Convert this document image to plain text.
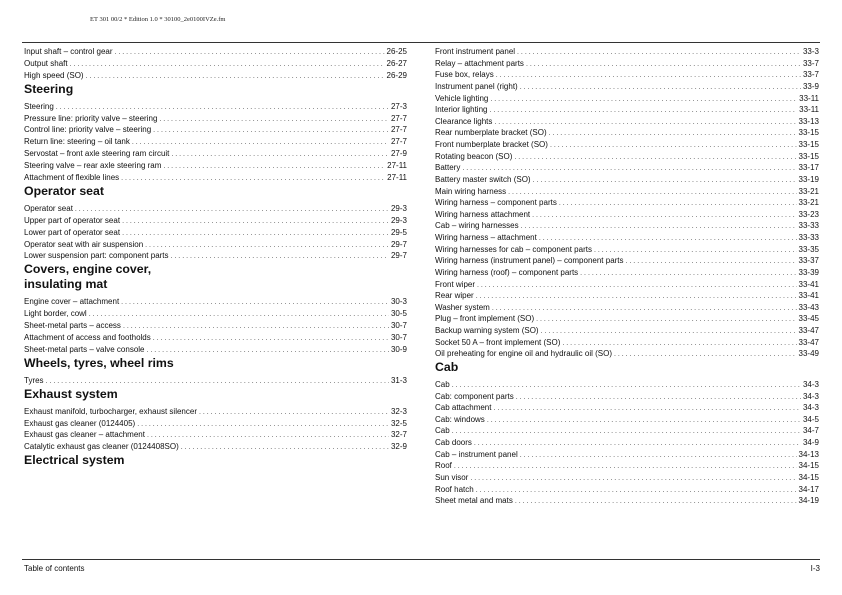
ET 301 00/2 * Edition 1.0 * 30100_2e0100IVZe.fm
Input shaft – control gear . . .	26-25
Output shaft . . .	26-27
High speed (SO) . . .	26-29
Steering
Steering . . .	27-3
Pressure line: priority valve – steering . . .	27-7
Control line: priority valve – steering . . .	27-7
Return line: steering – oil tank . . .	27-7
Servostat – front axle steering ram circuit . . .	27-9
Steering valve – rear axle steering ram . . .	27-11
Attachment of flexible lines . . .	27-11
Operator seat
Operator seat . . .	29-3
Upper part of operator seat . . .	29-3
Lower part of operator seat . . .	29-5
Operator seat with air suspension . . .	29-7
Lower suspension part: component parts . . .	29-7
Covers, engine cover,
insulating mat
Engine cover – attachment . . .	30-3
Light border, cowl . . .	30-5
Sheet-metal parts – access . . .	30-7
Attachment of access and footholds . . .	30-7
Sheet-metal parts – valve console . . .	30-9
Wheels, tyres, wheel rims
Tyres . . .	31-3
Exhaust system
Exhaust manifold, turbocharger, exhaust silencer . . .	32-3
Exhaust gas cleaner (0124405) . . .	32-5
Exhaust gas cleaner – attachment . . .	32-7
Catalytic exhaust gas cleaner (0124408SO) . . .	32-9
Electrical system
Front instrument panel . . .	33-3
Relay – attachment parts . . .	33-7
Fuse box, relays . . .	33-7
Instrument panel (right) . . .	33-9
Vehicle lighting . . .	33-11
Interior lighting . . .	33-11
Clearance lights . . .	33-13
Rear numberplate bracket (SO) . . .	33-15
Front numberplate bracket (SO) . . .	33-15
Rotating beacon (SO) . . .	33-15
Battery . . .	33-17
Battery master switch (SO) . . .	33-19
Main wiring harness . . .	33-21
Wiring harness – component parts . . .	33-21
Wiring harness attachment . . .	33-23
Cab – wiring harnesses . . .	33-33
Wiring harness – attachment . . .	33-33
Wiring harnesses for cab – component parts . . .	33-35
Wiring harness (instrument panel) – component parts . . .	33-37
Wiring harness (roof) – component parts . . .	33-39
Front wiper . . .	33-41
Rear wiper . . .	33-41
Washer system . . .	33-43
Plug – front implement (SO) . . .	33-45
Backup warning system (SO) . . .	33-47
Socket 50 A – front implement (SO) . . .	33-47
Oil preheating for engine oil and hydraulic oil (SO) . . .	33-49
Cab
Cab . . .	34-3
Cab: component parts . . .	34-3
Cab attachment . . .	34-3
Cab: windows . . .	34-5
Cab . . .	34-7
Cab doors . . .	34-9
Cab – instrument panel . . .	34-13
Roof . . .	34-15
Sun visor . . .	34-15
Roof hatch . . .	34-17
Sheet metal and mats . . .	34-19
Table of contents	I-3
